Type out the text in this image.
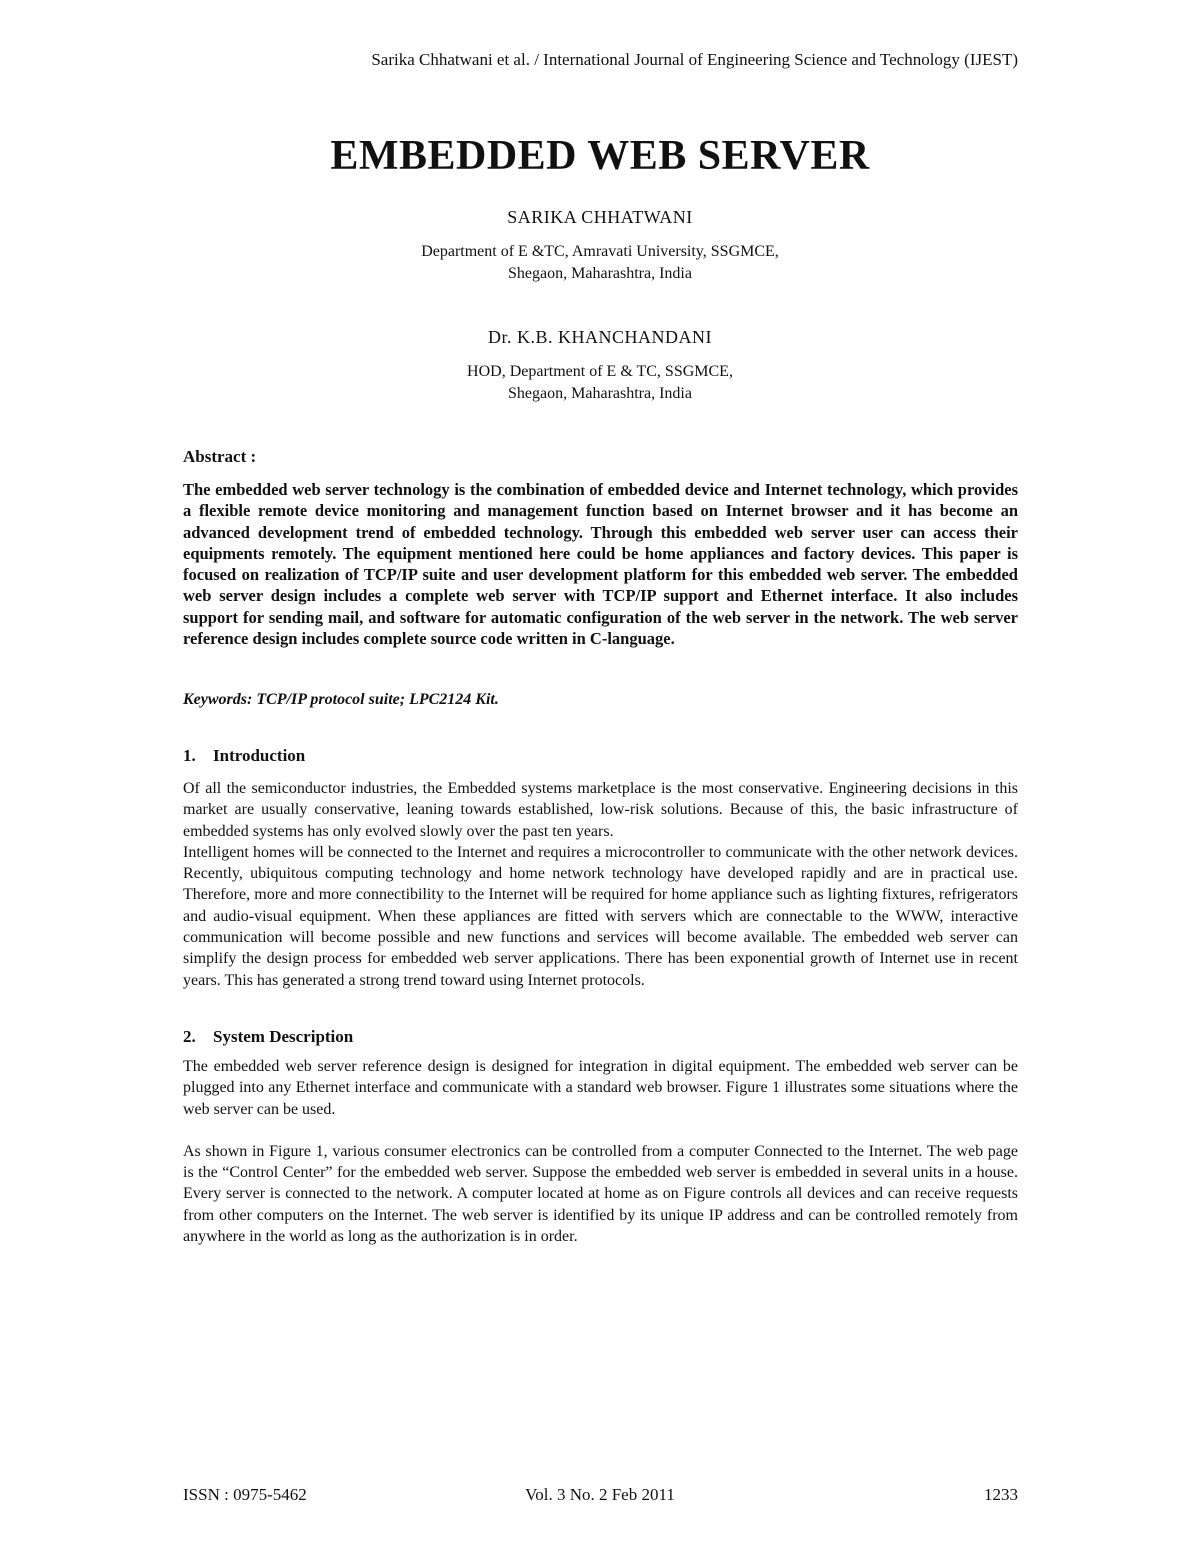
Sarika Chhatwani et al. / International Journal of Engineering Science and Technology (IJEST)
EMBEDDED WEB SERVER
SARIKA CHHATWANI
Department of E &TC, Amravati University, SSGMCE,
Shegaon, Maharashtra, India
Dr. K.B. KHANCHANDANI
HOD, Department of E & TC, SSGMCE,
Shegaon, Maharashtra, India
Abstract :
The embedded web server technology is the combination of embedded device and Internet technology, which provides a flexible remote device monitoring and management function based on Internet browser and it has become an advanced development trend of embedded technology. Through this embedded web server user can access their equipments remotely. The equipment mentioned here could be home appliances and factory devices. This paper is focused on realization of TCP/IP suite and user development platform for this embedded web server. The embedded web server design includes a complete web server with TCP/IP support and Ethernet interface. It also includes support for sending mail, and software for automatic configuration of the web server in the network. The web server reference design includes complete source code written in C-language.
Keywords: TCP/IP protocol suite; LPC2124 Kit.
1. Introduction

Of all the semiconductor industries, the Embedded systems marketplace is the most conservative. Engineering decisions in this market are usually conservative, leaning towards established, low-risk solutions. Because of this, the basic infrastructure of embedded systems has only evolved slowly over the past ten years.

Intelligent homes will be connected to the Internet and requires a microcontroller to communicate with the other network devices. Recently, ubiquitous computing technology and home network technology have developed rapidly and are in practical use. Therefore, more and more connectibility to the Internet will be required for home appliance such as lighting fixtures, refrigerators and audio-visual equipment. When these appliances are fitted with servers which are connectable to the WWW, interactive communication will become possible and new functions and services will become available. The embedded web server can simplify the design process for embedded web server applications. There has been exponential growth of Internet use in recent years. This has generated a strong trend toward using Internet protocols.

2. System Description

The embedded web server reference design is designed for integration in digital equipment. The embedded web server can be plugged into any Ethernet interface and communicate with a standard web browser. Figure 1 illustrates some situations where the web server can be used.

As shown in Figure 1, various consumer electronics can be controlled from a computer Connected to the Internet. The web page is the “Control Center” for the embedded web server. Suppose the embedded web server is embedded in several units in a house. Every server is connected to the network. A computer located at home as on Figure controls all devices and can receive requests from other computers on the Internet. The web server is identified by its unique IP address and can be controlled remotely from anywhere in the world as long as the authorization is in order.

ISSN : 0975-5462	Vol. 3 No. 2 Feb 2011	1233
